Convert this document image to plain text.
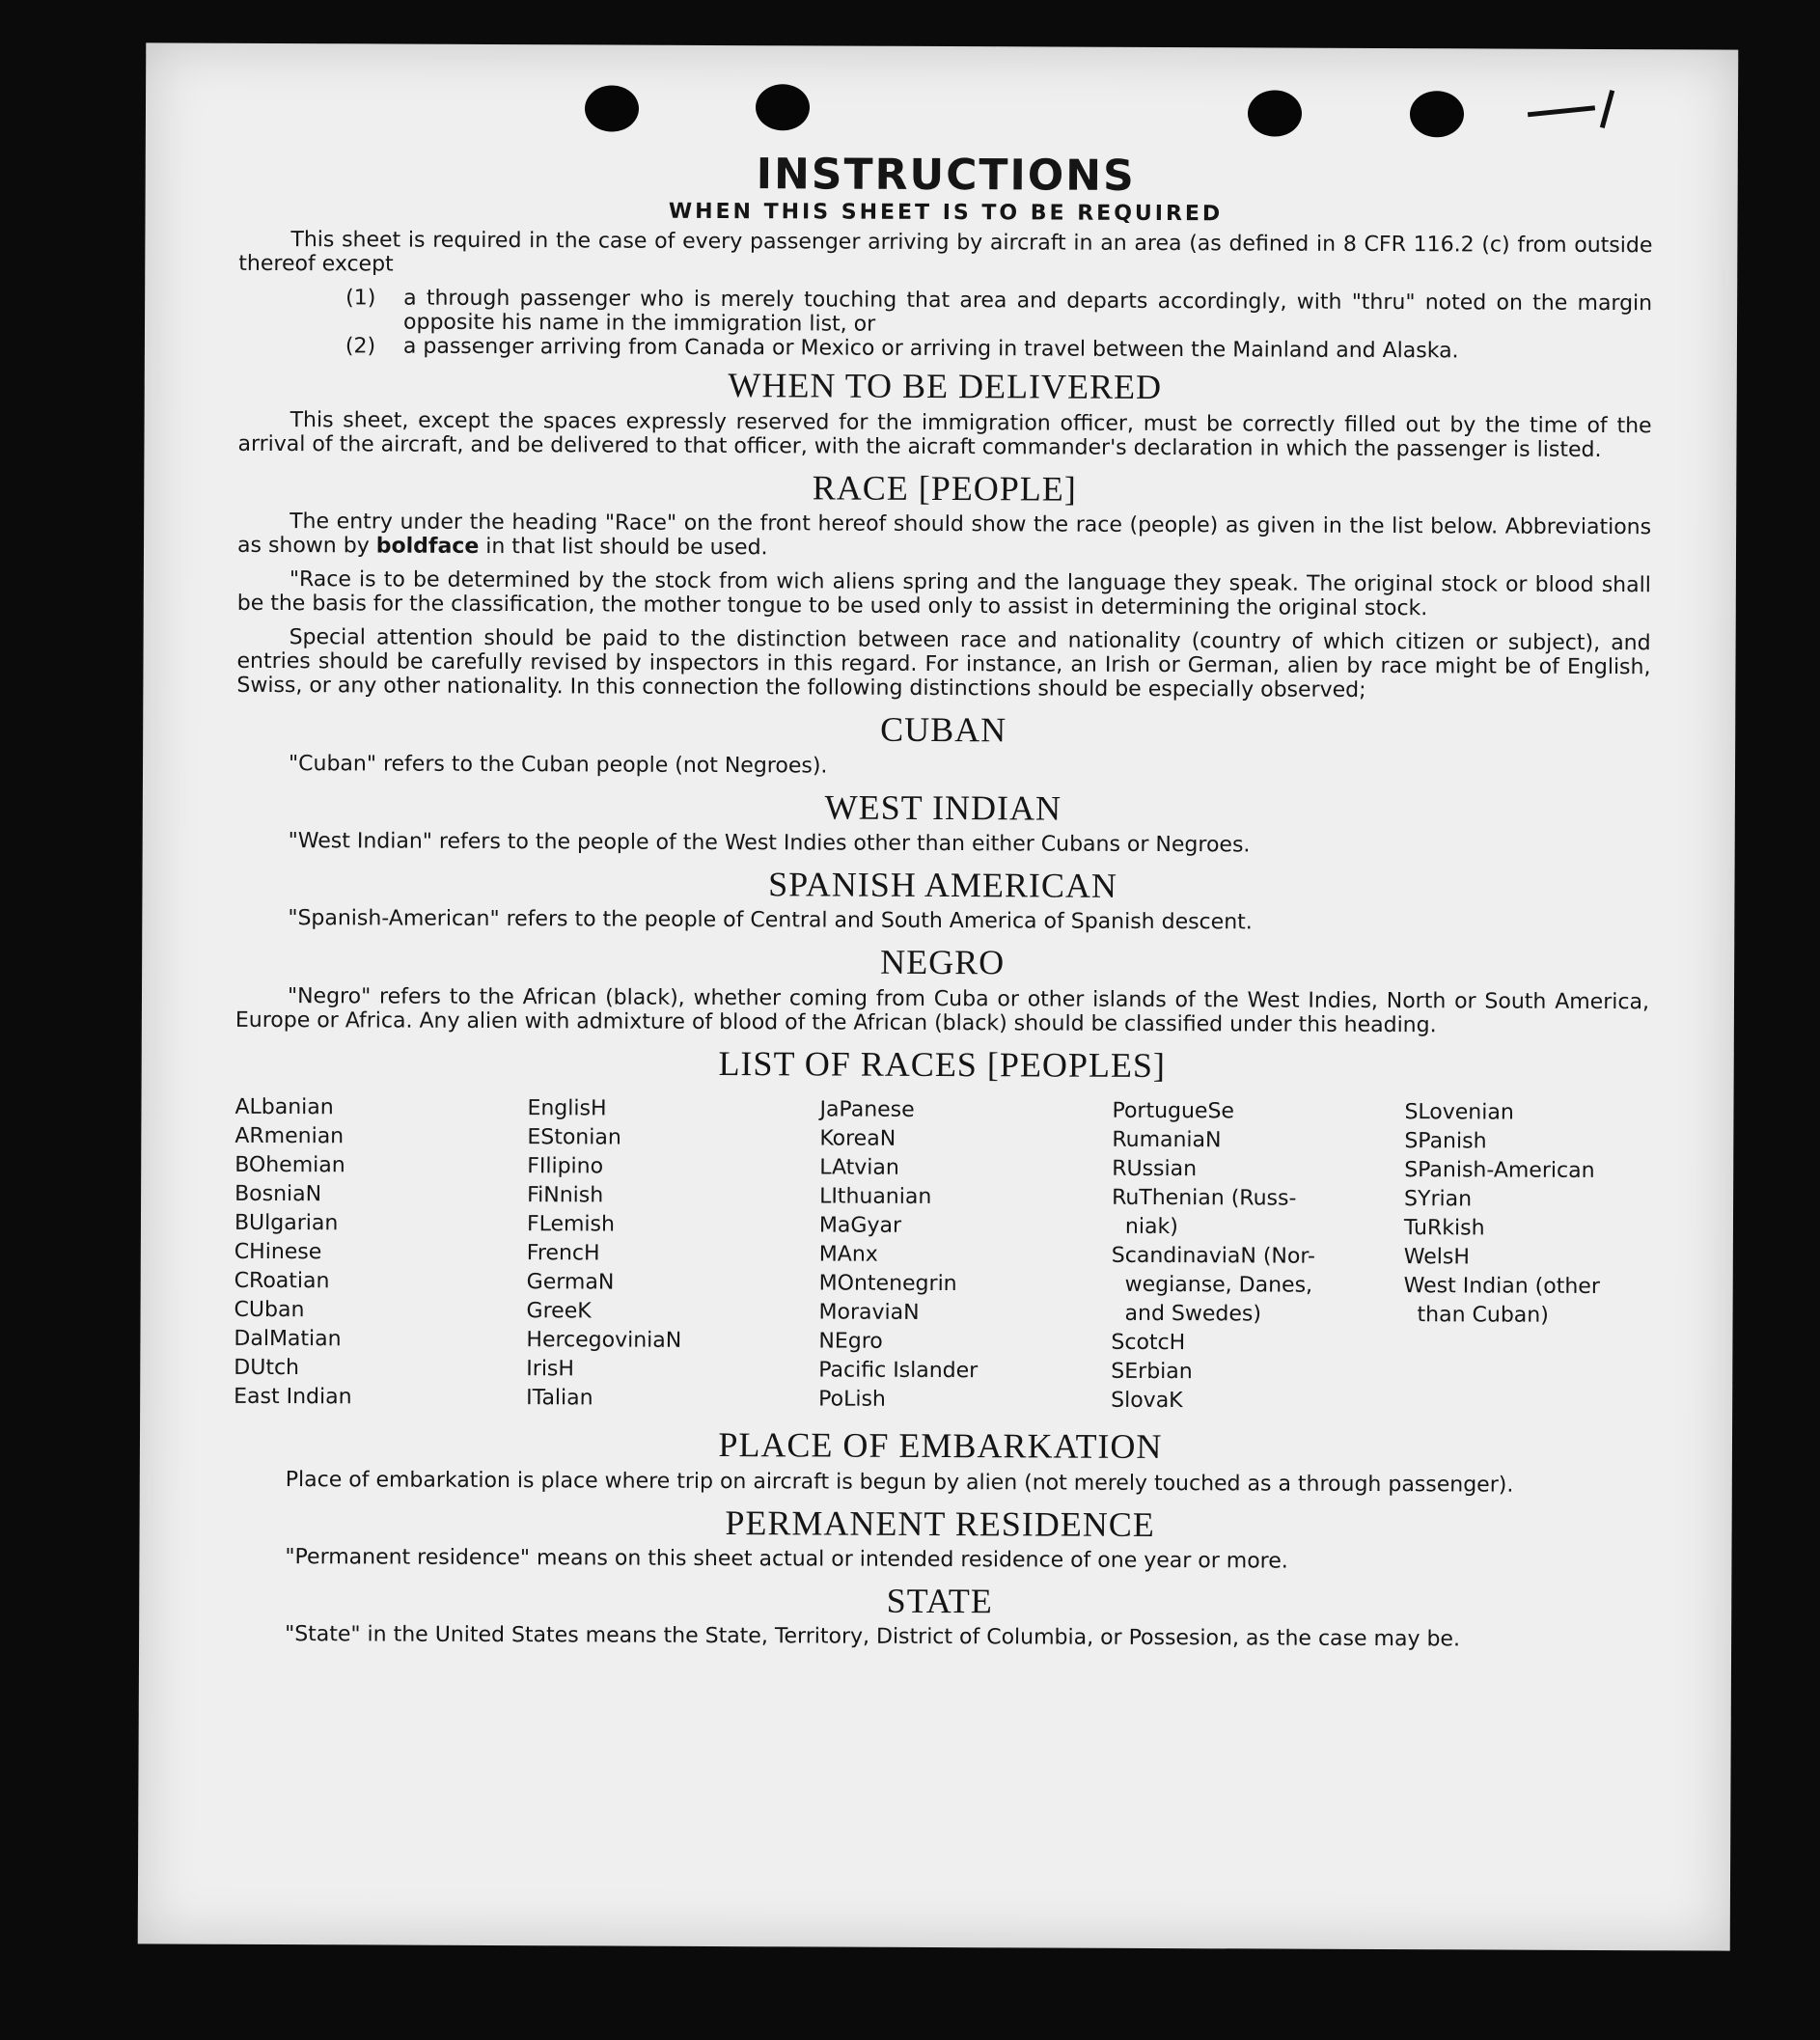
INSTRUCTIONS
WHEN THIS SHEET IS TO BE REQUIRED

This sheet is required in the case of every passenger arriving by aircraft in an area (as defined in 8 CFR 116.2 (c) from outside thereof except

(1)	a through passenger who is merely touching that area and departs accordingly, with "thru" noted on the margin opposite his name in the immigration list, or
(2)	a passenger arriving from Canada or Mexico or arriving in travel between the Mainland and Alaska.
WHEN TO BE DELIVERED

This sheet, except the spaces expressly reserved for the immigration officer, must be correctly filled out by the time of the arrival of the aircraft, and be delivered to that officer, with the aicraft commander's declaration in which the passenger is listed.

RACE [PEOPLE]

The entry under the heading "Race" on the front hereof should show the race (people) as given in the list below. Abbreviations as shown by boldface in that list should be used.

"Race is to be determined by the stock from wich aliens spring and the language they speak. The original stock or blood shall be the basis for the classification, the mother tongue to be used only to assist in determining the original stock.

Special attention should be paid to the distinction between race and nationality (country of which citizen or subject), and entries should be carefully revised by inspectors in this regard. For instance, an Irish or German, alien by race might be of English, Swiss, or any other nationality. In this connection the following distinctions should be especially observed;

CUBAN

"Cuban" refers to the Cuban people (not Negroes).

WEST INDIAN

"West Indian" refers to the people of the West Indies other than either Cubans or Negroes.

SPANISH AMERICAN

"Spanish-American" refers to the people of Central and South America of Spanish descent.

NEGRO

"Negro" refers to the African (black), whether coming from Cuba or other islands of the West Indies, North or South America, Europe or Africa. Any alien with admixture of blood of the African (black) should be classified under this heading.

LIST OF RACES [PEOPLES]
ALbanian
ARmenian
BOhemian
BosniaN
BUlgarian
CHinese
CRoatian
CUban
DalMatian
DUtch
East Indian
EnglisH
EStonian
FIlipino
FiNnish
FLemish
FrencH
GermaN
GreeK
HercegoviniaN
IrisH
ITalian
JaPanese
KoreaN
LAtvian
LIthuanian
MaGyar
MAnx
MOntenegrin
MoraviaN
NEgro
Pacific Islander
PoLish
PortugueSe
RumaniaN
RUssian
RuThenian (Russ-
niak)
ScandinaviaN (Nor-
wegianse, Danes,
and Swedes)
ScotcH
SErbian
SlovaK
SLovenian
SPanish
SPanish-American
SYrian
TuRkish
WelsH
West Indian (other
than Cuban)
PLACE OF EMBARKATION

Place of embarkation is place where trip on aircraft is begun by alien (not merely touched as a through passenger).

PERMANENT RESIDENCE

"Permanent residence" means on this sheet actual or intended residence of one year or more.

STATE

"State" in the United States means the State, Territory, District of Columbia, or Possesion, as the case may be.
